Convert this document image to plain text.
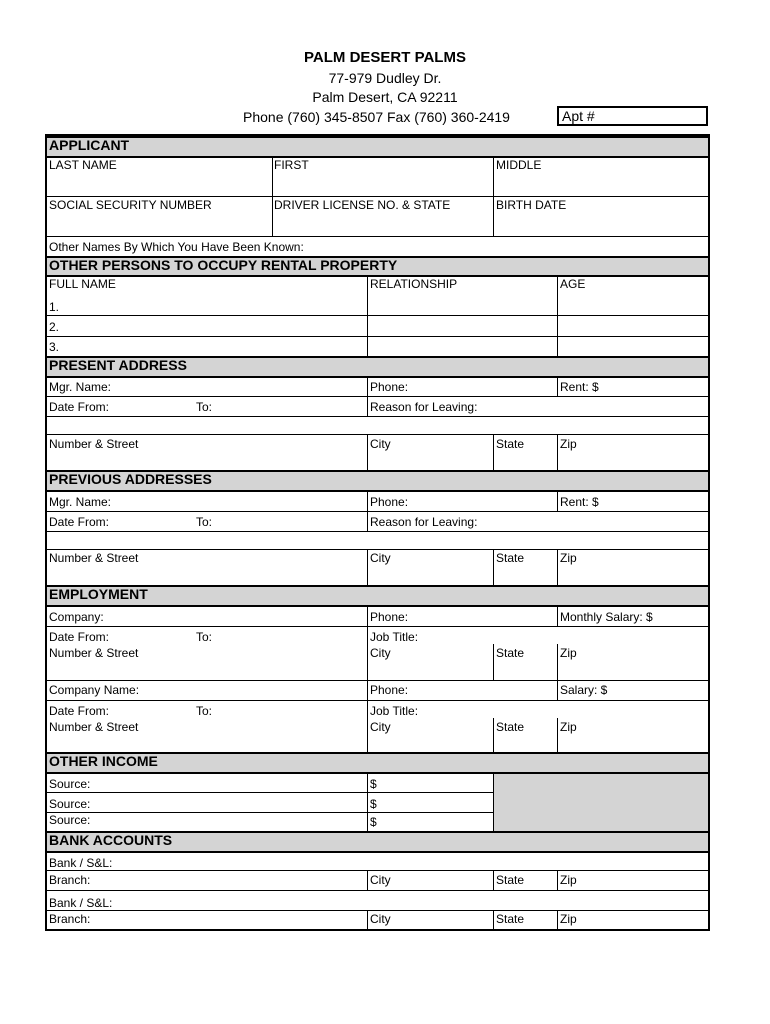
PALM DESERT PALMS
77-979 Dudley Dr.
Palm Desert, CA 92211
Phone (760) 345-8507 Fax (760) 360-2419	Apt #
APPLICANT
LAST NAME	FIRST	MIDDLE
SOCIAL SECURITY NUMBER	DRIVER LICENSE NO. & STATE	BIRTH DATE
Other Names By Which You Have Been Known:
OTHER PERSONS TO OCCUPY RENTAL PROPERTY
FULL NAME	RELATIONSHIP	AGE
1.
2.
3.
PRESENT ADDRESS
Mgr. Name:	Phone:	Rent: $
Date From:	To:	Reason for Leaving:
Number & Street	City	State	Zip
PREVIOUS ADDRESSES
Mgr. Name:	Phone:	Rent: $
Date From:	To:	Reason for Leaving:
Number & Street	City	State	Zip
EMPLOYMENT
Company:	Phone:	Monthly Salary: $
Date From:	To:	Job Title:
Number & Street	City	State	Zip
Company Name:	Phone:	Salary: $
Date From:	To:	Job Title:
Number & Street	City	State	Zip
OTHER INCOME
Source:	$
Source:	$
Source:	$
BANK ACCOUNTS
Bank / S&L:
Branch:	City	State	Zip
Bank / S&L:
Branch:	City	State	Zip
